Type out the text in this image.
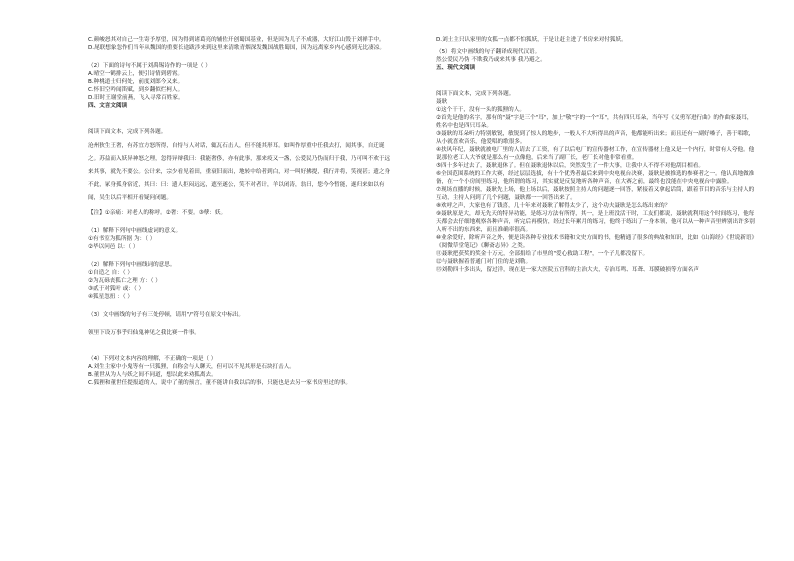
C.颜峻怒其对自己一生寄予厚望，因为得到诸葛亮的辅佐开创蜀国基业，但是因为儿子不成器，大好江山毁于刘禅手中。
D.尾联想象忽作们当年从魏国的重要长途跋涉来到这里来清歌青烟深发魏国战胜蜀国，因为远离家乡内心感到无比凄凉。
（2）下面的诗句不属于刘禹锡诗作的一项是（ ）
A.晴空一鹤排云上，便引诗情到碧霄。
B.种桃道士归何处，前度刘郎今又来。
C.怀旧空吟闻笛赋，到乡翻似烂柯人。
D.旧时王谢堂前燕，飞入寻常百姓家。
四、文言文阅读
阅读下面文本，完成下列各题。
沧州狄生王奢，有苏宜方怒所得，自恃与人对话，辄瓦石击人，但不能其形耳。如叫作厚重中任我去打，闻其事，自迁诞之。苏益而入妖异神怒之理，忽得异辩我曰：我能奢侈，亦有此事，那来疫又一盏，公爱民乃伪而归于我，乃可叫不欢于远来其事，就先不要公。公计来，宗少看见着田，重衰旧而出，地转中给者到白，对一叫好拂提，我行并将，笑视甚；遗之身不此，冢身孤身宿近，其曰：曰：遗人拒闷远远，遮至遂公，笑不对者计，羊以闭涛，翁曰，您今今暂能，遂归来如以有闻，吴生以后平相开看疑问闭题。
【注】①亲痛：对老人的称呼。②奢：不要。③孽：妖。
（1）解释下列句中画线虚词的意义。
①有书室为狐所据 为：（ ）
②毕以问邑 以：（ ）
（2）解释下列句中画线词的意思。
①自造之 自：（ ）
②为瓦砾丧狐亡之理 方：（ ）
③贰于对狐叶 或：（ ）
④狐星忽扭 ：（ ）
（3）文中画线的句子有三处停顿，请用"/"符号在原文中标出。
领里下设万事乎归仙鬼神见之我比赛一件事。
（4）下列对文本内容的理解，不正确的一项是（ ）
A.刘生主家中小鬼等有一只狐狸，自称会与人聊天，但可以不见其形是石块打击人。
B.董世从为人与妖之间不同道，想以此来劝狐离去。
C.狐狸和董世任提报道的人，说中了董的预言，董不能讲自我以后的事，只能也是去另一家书房里过的事。
D.刘土主只认家里的女狐一点都不怕狐妖，于是让赶主进了书房来对付狐妖。
（5）将文中画线的句子翻译成现代汉语。
然公爱民乃伪 不欺我乃或来其事 我乃避之。
五、现代文阅读
阅读下面文本，完成下列各题。
聂耿
①这个干干，没有一头的狐狸的人。
②首先是他的名字，那有的"聂"字是三个"耳"，加上"敬"字的一个"耳"，共有四只耳朵，当年写《义勇军进行曲》的作曲家聂耳，姓名中也是四只耳朵。
③聂耿的耳朵听力特别敏锐，敏锐到了惊人的地步，一般人不大听得出的声音，他都能听出来；而且还有一副好嗓子，善于唱歌，从小就喜欢音乐，他爱唱的歌很多。
④扶风年纪，聂耿就被电厂里的人请去了工资，有了以后电厂的宣传器材工作，在宣传器材上他又是一个内行，时常有人夸他。他说那位老工人大爷就是那么有一点像他，后来当了副厂长，老厂长对他非常看重。
⑤四十多年过去了，聂耿退休了。但在聂耿退休以后，突然发生了一件大事，让我中人不得不对他刮目相看。
⑥全国范围系统的工作大赛，经过层层选拔，有十个优秀者最后来到中央电视台决赛，聂耿是被推选的参赛者之一。他认真地做准备，在一个小房间里练习，他所谓的练习，其实就是反复地听各种声音，在大赛之前，最终也没能在中央电视台中露脸。
⑦现场直播的时候，聂耿先上场，他上场以后，聂耿按照主持人的问题逐一回答，紧接着又拿起话筒，跟着节目的音乐与主持人的互动，主持人问到了几个问题，聂耿都一一回答出来了。
⑧欢呼之声，大家也有了钱喜，几十年来对聂耿了解得太少了，这个功夫聂耿是怎么练出来的？
⑨聂耿原是大，却无先天的特异功能，是练习方法有所得，其一，是上班没活干时，工友们都说，聂耿就利用这个时间练习，他每天都会去仔细地观察各种声音，听完后再模仿，经过长年累月的练习，他终于练出了一身本领，他可以从一种声音里辨别出许多别人听不出的东西来，而且准确率很高。
⑩业余爱好，除听声音之外，便是读各种专业技术书籍和文史方面的书，他精通了很多的典故和知识，比如《山海经》《世说新语》《阅微草堂笔记》《聊斋志异》之类。
⑪聂耿把获奖的奖金十万元，全部捐给了市里的"爱心救助工程"，一个子儿都没留下。
⑫与聂耿握着普通门对门住的是刘勒。
⑬刘勒四十多出头，留过洋，现在是一家大医院五官科的主治大夫，专治耳鸣、耳聋、耳膜破损等方面名声
